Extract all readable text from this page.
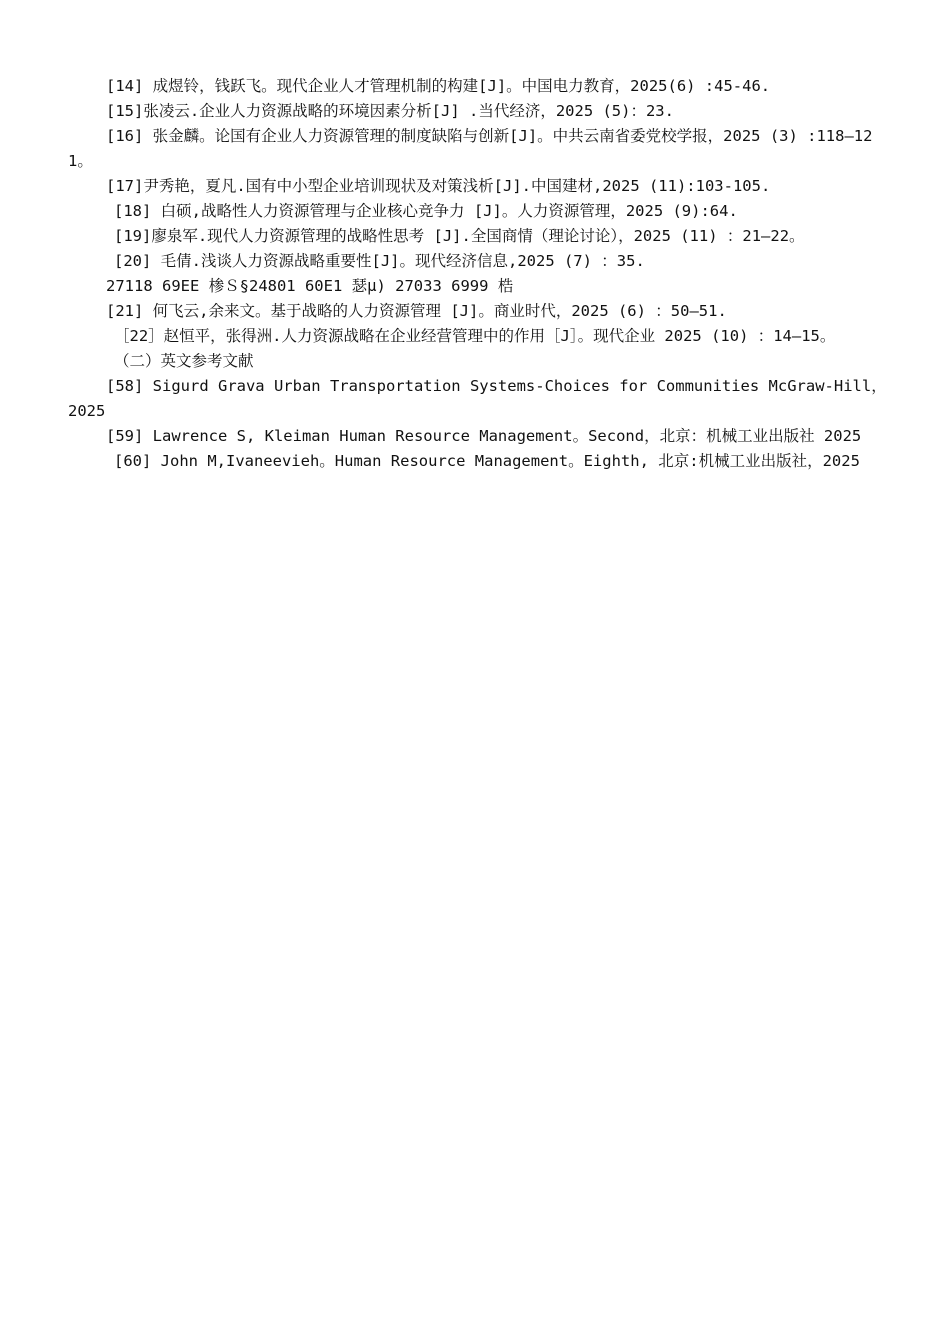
[14] 成煜铃，钱跃飞。现代企业人才管理机制的构建[J]。中国电力教育，2025(6) :45-46.

[15]张凌云.企业人力资源战略的环境因素分析[J] .当代经济，2025 (5)：23.

[16] 张金麟。论国有企业人力资源管理的制度缺陷与创新[J]。中共云南省委党校学报，2025 (3) :118—121。

[17]尹秀艳，夏凡.国有中小型企业培训现状及对策浅析[J].中国建材,2025 (11):103-105.

[18] 白硕,战略性人力资源管理与企业核心竞争力 [J]。人力资源管理，2025 (9):64.

[19]廖泉军.现代人力资源管理的战略性思考 [J].全国商情（理论讨论），2025 (11) ：21—22。

[20] 毛倩.浅谈人力资源战略重要性[J]。现代经济信息,2025 (7) ：35.

27118 69EE 椮Ｓ§24801 60E1 瑟μ) 27033 6999 梏

[21] 何飞云,余来文。基于战略的人力资源管理 [J]。商业时代，2025 (6) ：50—51.

［22］赵恒平，张得洲.人力资源战略在企业经营管理中的作用［J］。现代企业 2025 (10) ：14—15。

（二）英文参考文献

[58] Sigurd Grava Urban Transportation Systems-Choices for Communities McGraw-Hill，2025

[59] Lawrence S, Kleiman Human Resource Management。Second，北京：机械工业出版社 2025

[60] John M,Ivaneevieh。Human Resource Management。Eighth, 北京:机械工业出版社，2025
